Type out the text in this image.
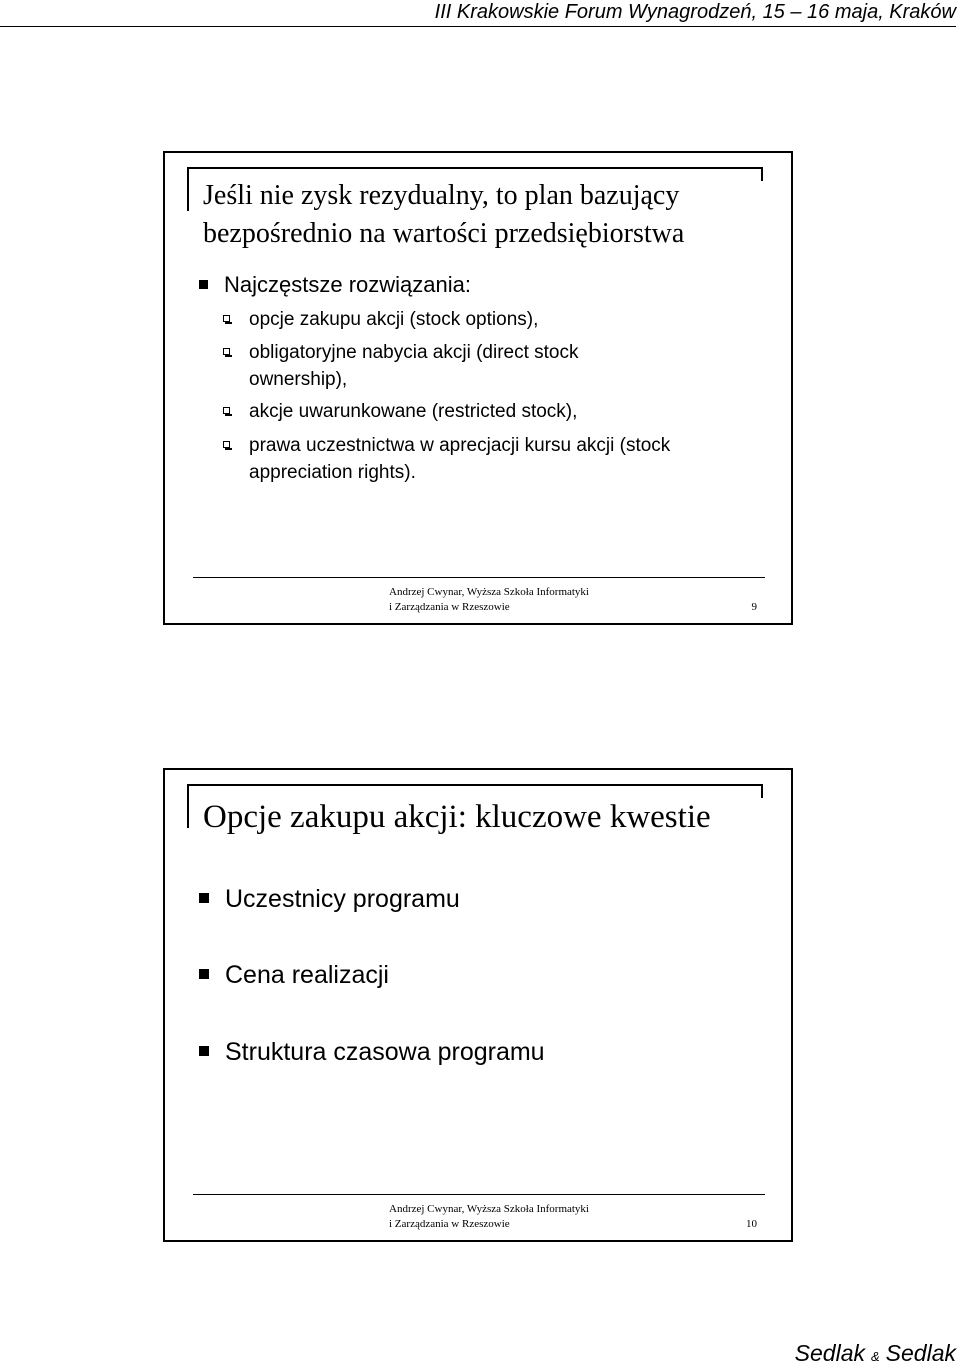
III Krakowskie Forum Wynagrodzeń, 15 – 16 maja, Kraków
Jeśli nie zysk rezydualny, to plan bazujący
bezpośrednio na wartości przedsiębiorstwa
Najczęstsze rozwiązania:
opcje zakupu akcji (stock options),
obligatoryjne nabycia akcji (direct stock ownership),
akcje uwarunkowane (restricted stock),
prawa uczestnictwa w aprecjacji kursu akcji (stock appreciation rights).
Andrzej Cwynar, Wyższa Szkoła Informatyki
i Zarządzania w Rzeszowie	9
Opcje zakupu akcji: kluczowe kwestie
Uczestnicy programu
Cena realizacji
Struktura czasowa programu
Andrzej Cwynar, Wyższa Szkoła Informatyki
i Zarządzania w Rzeszowie	10
Sedlak & Sedlak
